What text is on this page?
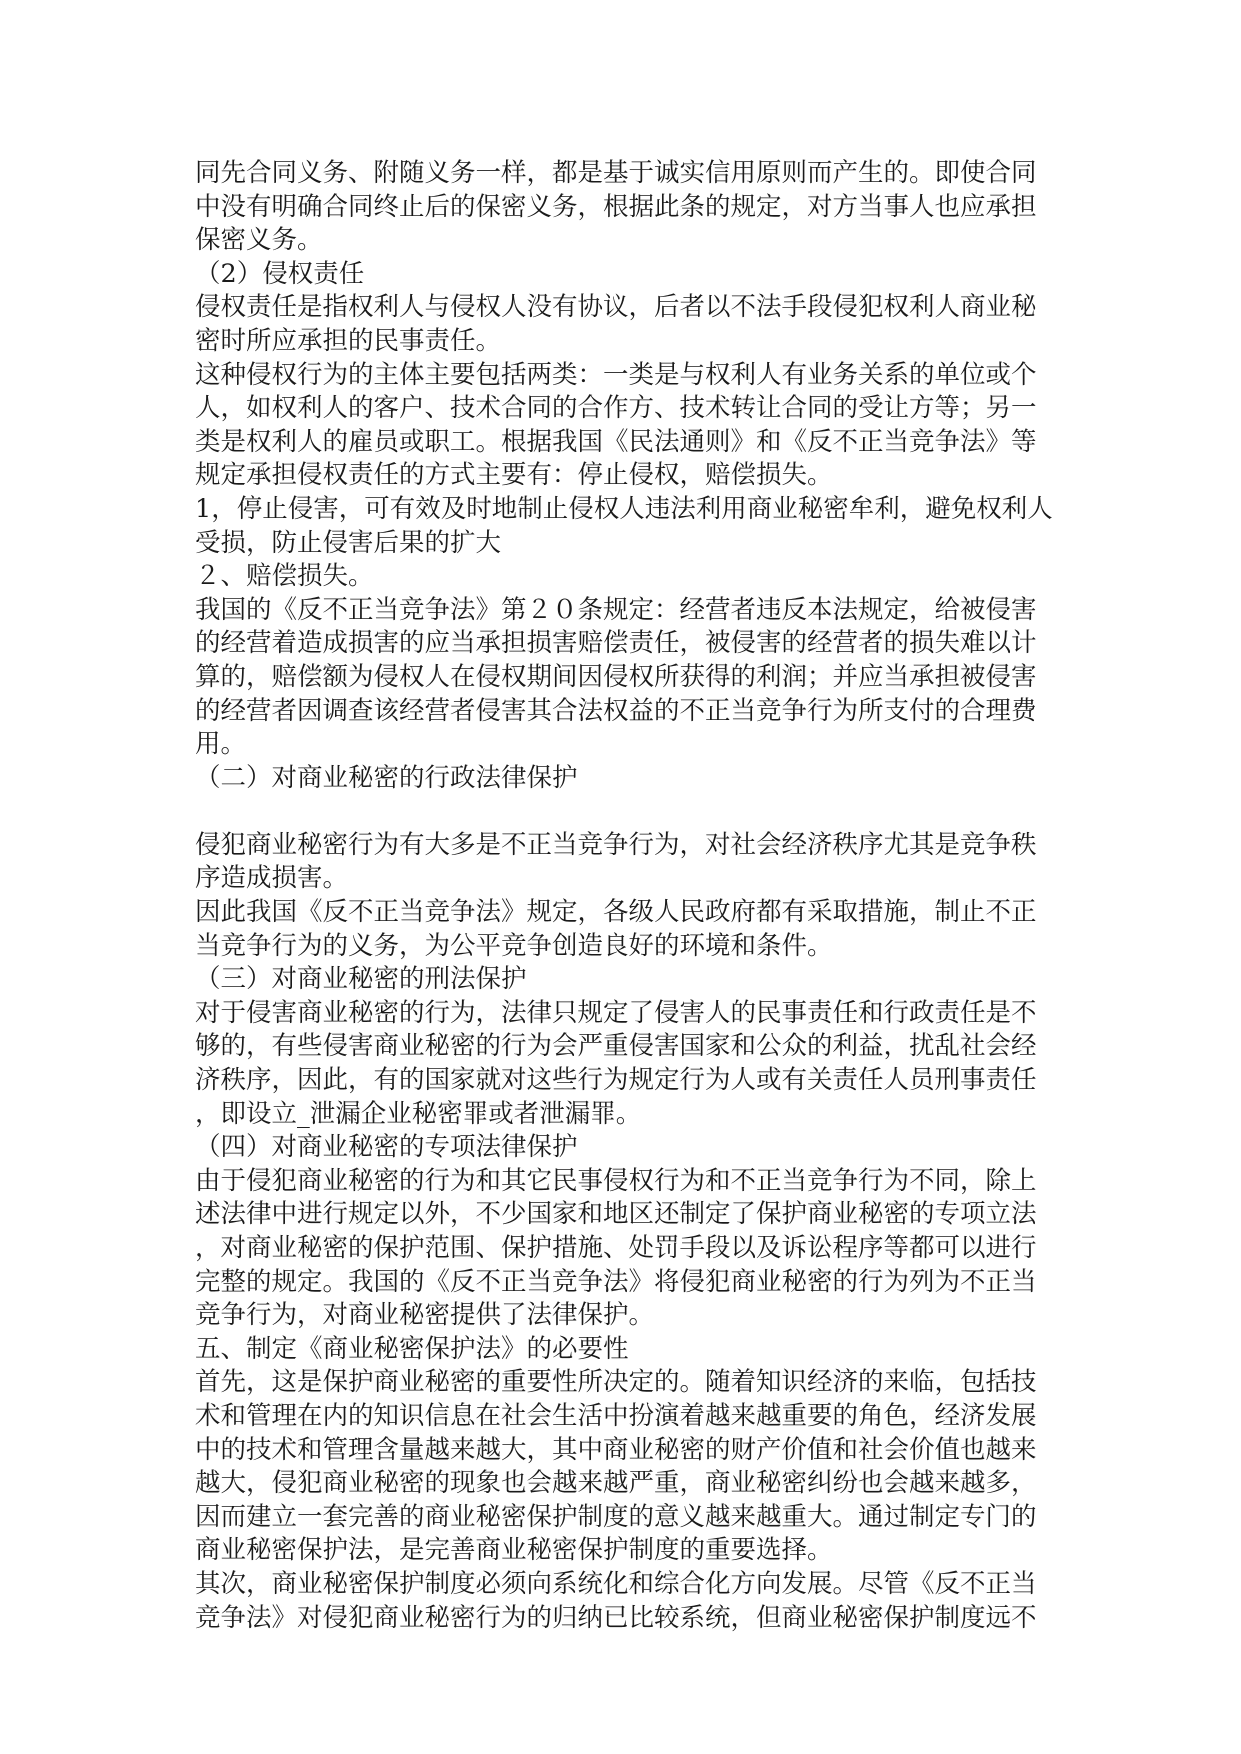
同先合同义务、附随义务一样，都是基于诚实信用原则而产生的。即使合同
中没有明确合同终止后的保密义务，根据此条的规定，对方当事人也应承担
保密义务。
（2）侵权责任
侵权责任是指权利人与侵权人没有协议，后者以不法手段侵犯权利人商业秘
密时所应承担的民事责任。
这种侵权行为的主体主要包括两类：一类是与权利人有业务关系的单位或个
人，如权利人的客户、技术合同的合作方、技术转让合同的受让方等；另一
类是权利人的雇员或职工。根据我国《民法通则》和《反不正当竞争法》等
规定承担侵权责任的方式主要有：停止侵权，赔偿损失。
1，停止侵害，可有效及时地制止侵权人违法利用商业秘密牟利，避免权利人
受损，防止侵害后果的扩大
２、赔偿损失。
我国的《反不正当竞争法》第２０条规定：经营者违反本法规定，给被侵害
的经营着造成损害的应当承担损害赔偿责任，被侵害的经营者的损失难以计
算的，赔偿额为侵权人在侵权期间因侵权所获得的利润；并应当承担被侵害
的经营者因调查该经营者侵害其合法权益的不正当竞争行为所支付的合理费
用。
（二）对商业秘密的行政法律保护
侵犯商业秘密行为有大多是不正当竞争行为，对社会经济秩序尤其是竞争秩
序造成损害。
因此我国《反不正当竞争法》规定，各级人民政府都有采取措施，制止不正
当竞争行为的义务，为公平竞争创造良好的环境和条件。
（三）对商业秘密的刑法保护
对于侵害商业秘密的行为，法律只规定了侵害人的民事责任和行政责任是不
够的，有些侵害商业秘密的行为会严重侵害国家和公众的利益，扰乱社会经
济秩序，因此，有的国家就对这些行为规定行为人或有关责任人员刑事责任
，即设立_泄漏企业秘密罪或者泄漏罪。
（四）对商业秘密的专项法律保护
由于侵犯商业秘密的行为和其它民事侵权行为和不正当竞争行为不同，除上
述法律中进行规定以外，不少国家和地区还制定了保护商业秘密的专项立法
，对商业秘密的保护范围、保护措施、处罚手段以及诉讼程序等都可以进行
完整的规定。我国的《反不正当竞争法》将侵犯商业秘密的行为列为不正当
竞争行为，对商业秘密提供了法律保护。
五、制定《商业秘密保护法》的必要性
首先，这是保护商业秘密的重要性所决定的。随着知识经济的来临，包括技
术和管理在内的知识信息在社会生活中扮演着越来越重要的角色，经济发展
中的技术和管理含量越来越大，其中商业秘密的财产价值和社会价值也越来
越大，侵犯商业秘密的现象也会越来越严重，商业秘密纠纷也会越来越多，
因而建立一套完善的商业秘密保护制度的意义越来越重大。通过制定专门的
商业秘密保护法，是完善商业秘密保护制度的重要选择。
其次，商业秘密保护制度必须向系统化和综合化方向发展。尽管《反不正当
竞争法》对侵犯商业秘密行为的归纳已比较系统，但商业秘密保护制度远不
